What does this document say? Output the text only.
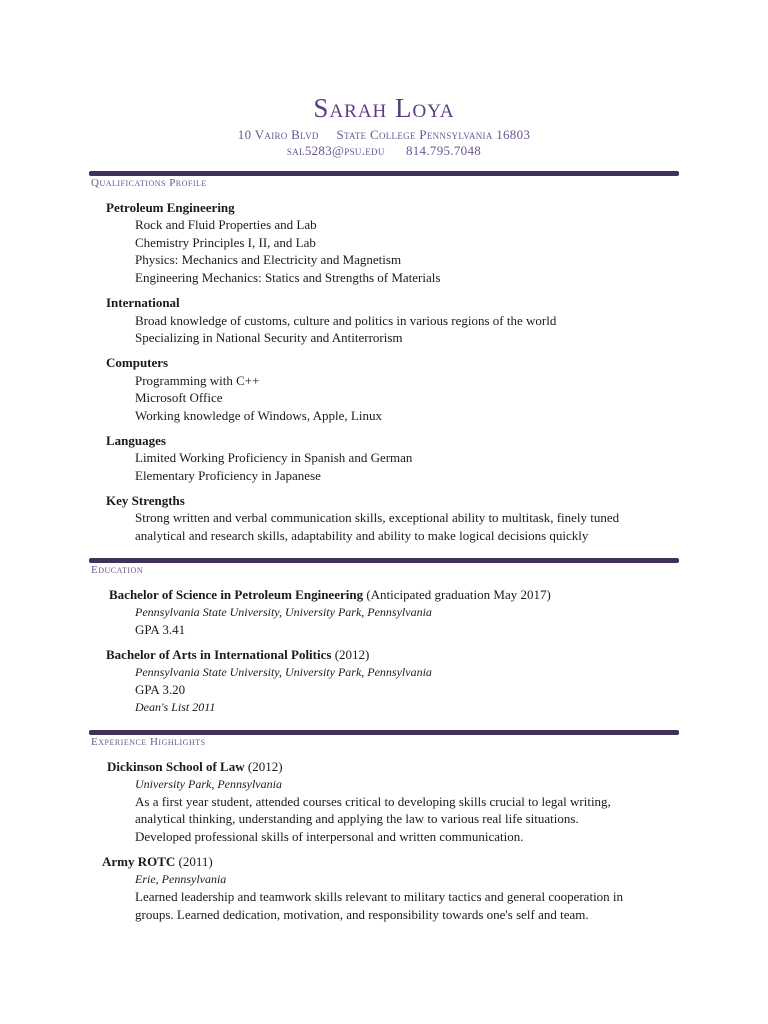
Sarah Loya
10 Vairo Blvd     State College Pennsylvania 16803
sal5283@psu.edu      814.795.7048
Qualifications Profile
Petroleum Engineering
Rock and Fluid Properties and Lab
Chemistry Principles I, II, and Lab
Physics: Mechanics and Electricity and Magnetism
Engineering Mechanics: Statics and Strengths of Materials
International
Broad knowledge of customs, culture and politics in various regions of the world
Specializing in National Security and Antiterrorism
Computers
Programming with C++
Microsoft Office
Working knowledge of Windows, Apple, Linux
Languages
Limited Working Proficiency in Spanish and German
Elementary Proficiency in Japanese
Key Strengths
Strong written and verbal communication skills, exceptional ability to multitask, finely tuned
analytical and research skills, adaptability and ability to make logical decisions quickly
Education
Bachelor of Science in Petroleum Engineering (Anticipated graduation May 2017)
Pennsylvania State University, University Park, Pennsylvania
GPA 3.41
Bachelor of Arts in International Politics (2012)
Pennsylvania State University, University Park, Pennsylvania
GPA 3.20
Dean's List 2011
Experience Highlights
Dickinson School of Law (2012)
University Park, Pennsylvania
As a first year student, attended courses critical to developing skills crucial to legal writing,
analytical thinking, understanding and applying the law to various real life situations.
Developed professional skills of interpersonal and written communication.
Army ROTC (2011)
Erie, Pennsylvania
Learned leadership and teamwork skills relevant to military tactics and general cooperation in
groups. Learned dedication, motivation, and responsibility towards one's self and team.
